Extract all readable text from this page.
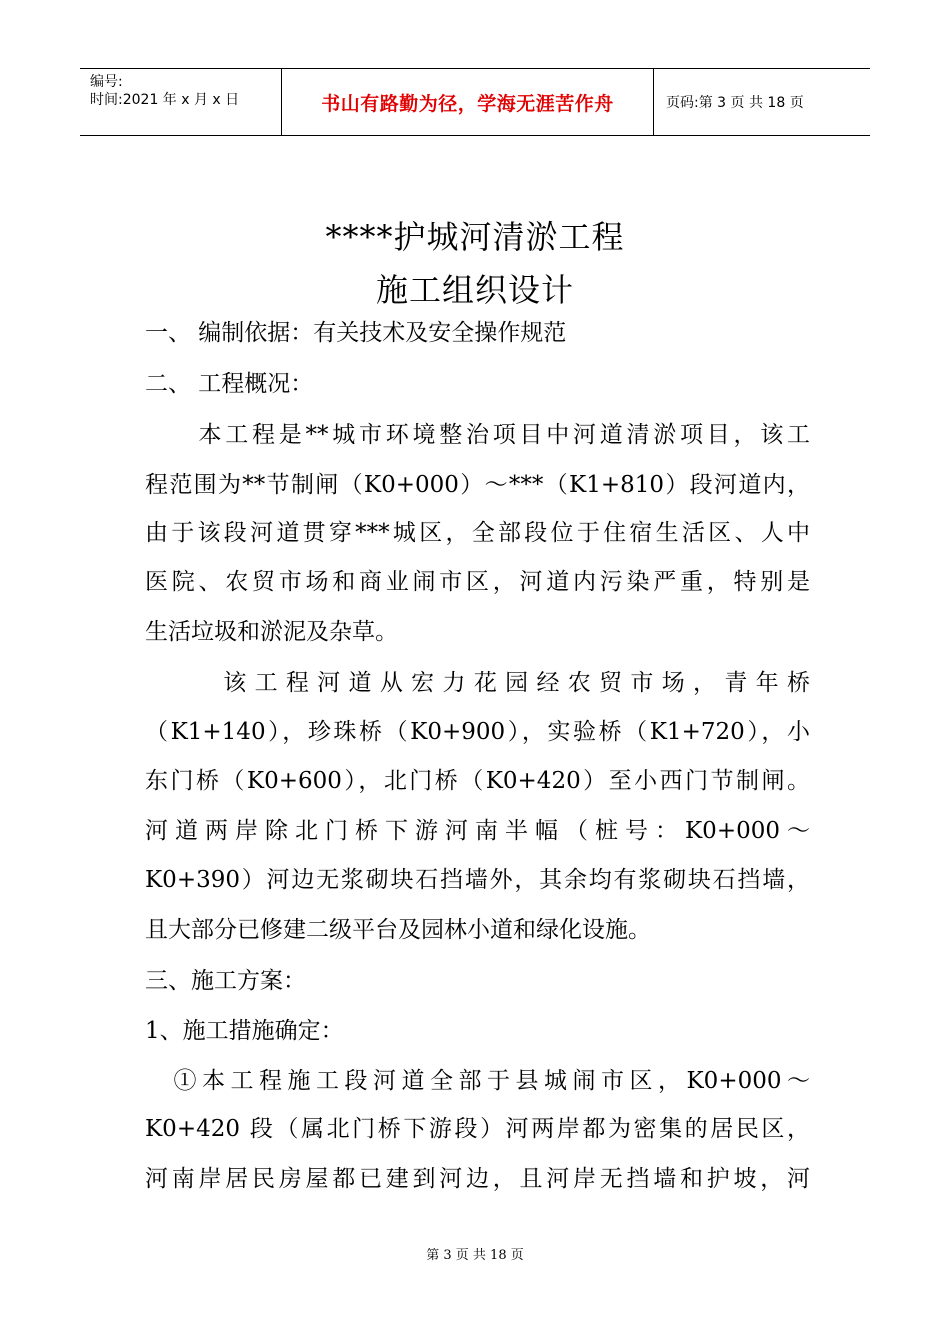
编号:
时间:2021 年 x 月 x 日	书山有路勤为径，学海无涯苦作舟	页码:第 3 页 共 18 页
****护城河清淤工程
施工组织设计
一、 编制依据：有关技术及安全操作规范
二、 工程概况：
　　本工程是**城市环境整治项目中河道清淤项目，该工
程范围为**节制闸（K0+000）～***（K1+810）段河道内，
由于该段河道贯穿***城区，全部段位于住宿生活区、人中
医院、农贸市场和商业闹市区，河道内污染严重，特别是
生活垃圾和淤泥及杂草。
　　 该工程河道从宏力花园经农贸市场，青年桥
（K1+140），珍珠桥（K0+900），实验桥（K1+720），小
东门桥（K0+600），北门桥（K0+420）至小西门节制闸。
河道两岸除北门桥下游河南半幅（桩号：K0+000～
K0+390）河边无浆砌块石挡墙外，其余均有浆砌块石挡墙，
且大部分已修建二级平台及园林小道和绿化设施。
三、施工方案：
1、施工措施确定：
　①本工程施工段河道全部于县城闹市区，K0+000～
K0+420 段（属北门桥下游段）河两岸都为密集的居民区，
河南岸居民房屋都已建到河边，且河岸无挡墙和护坡，河
第 3 页 共 18 页
